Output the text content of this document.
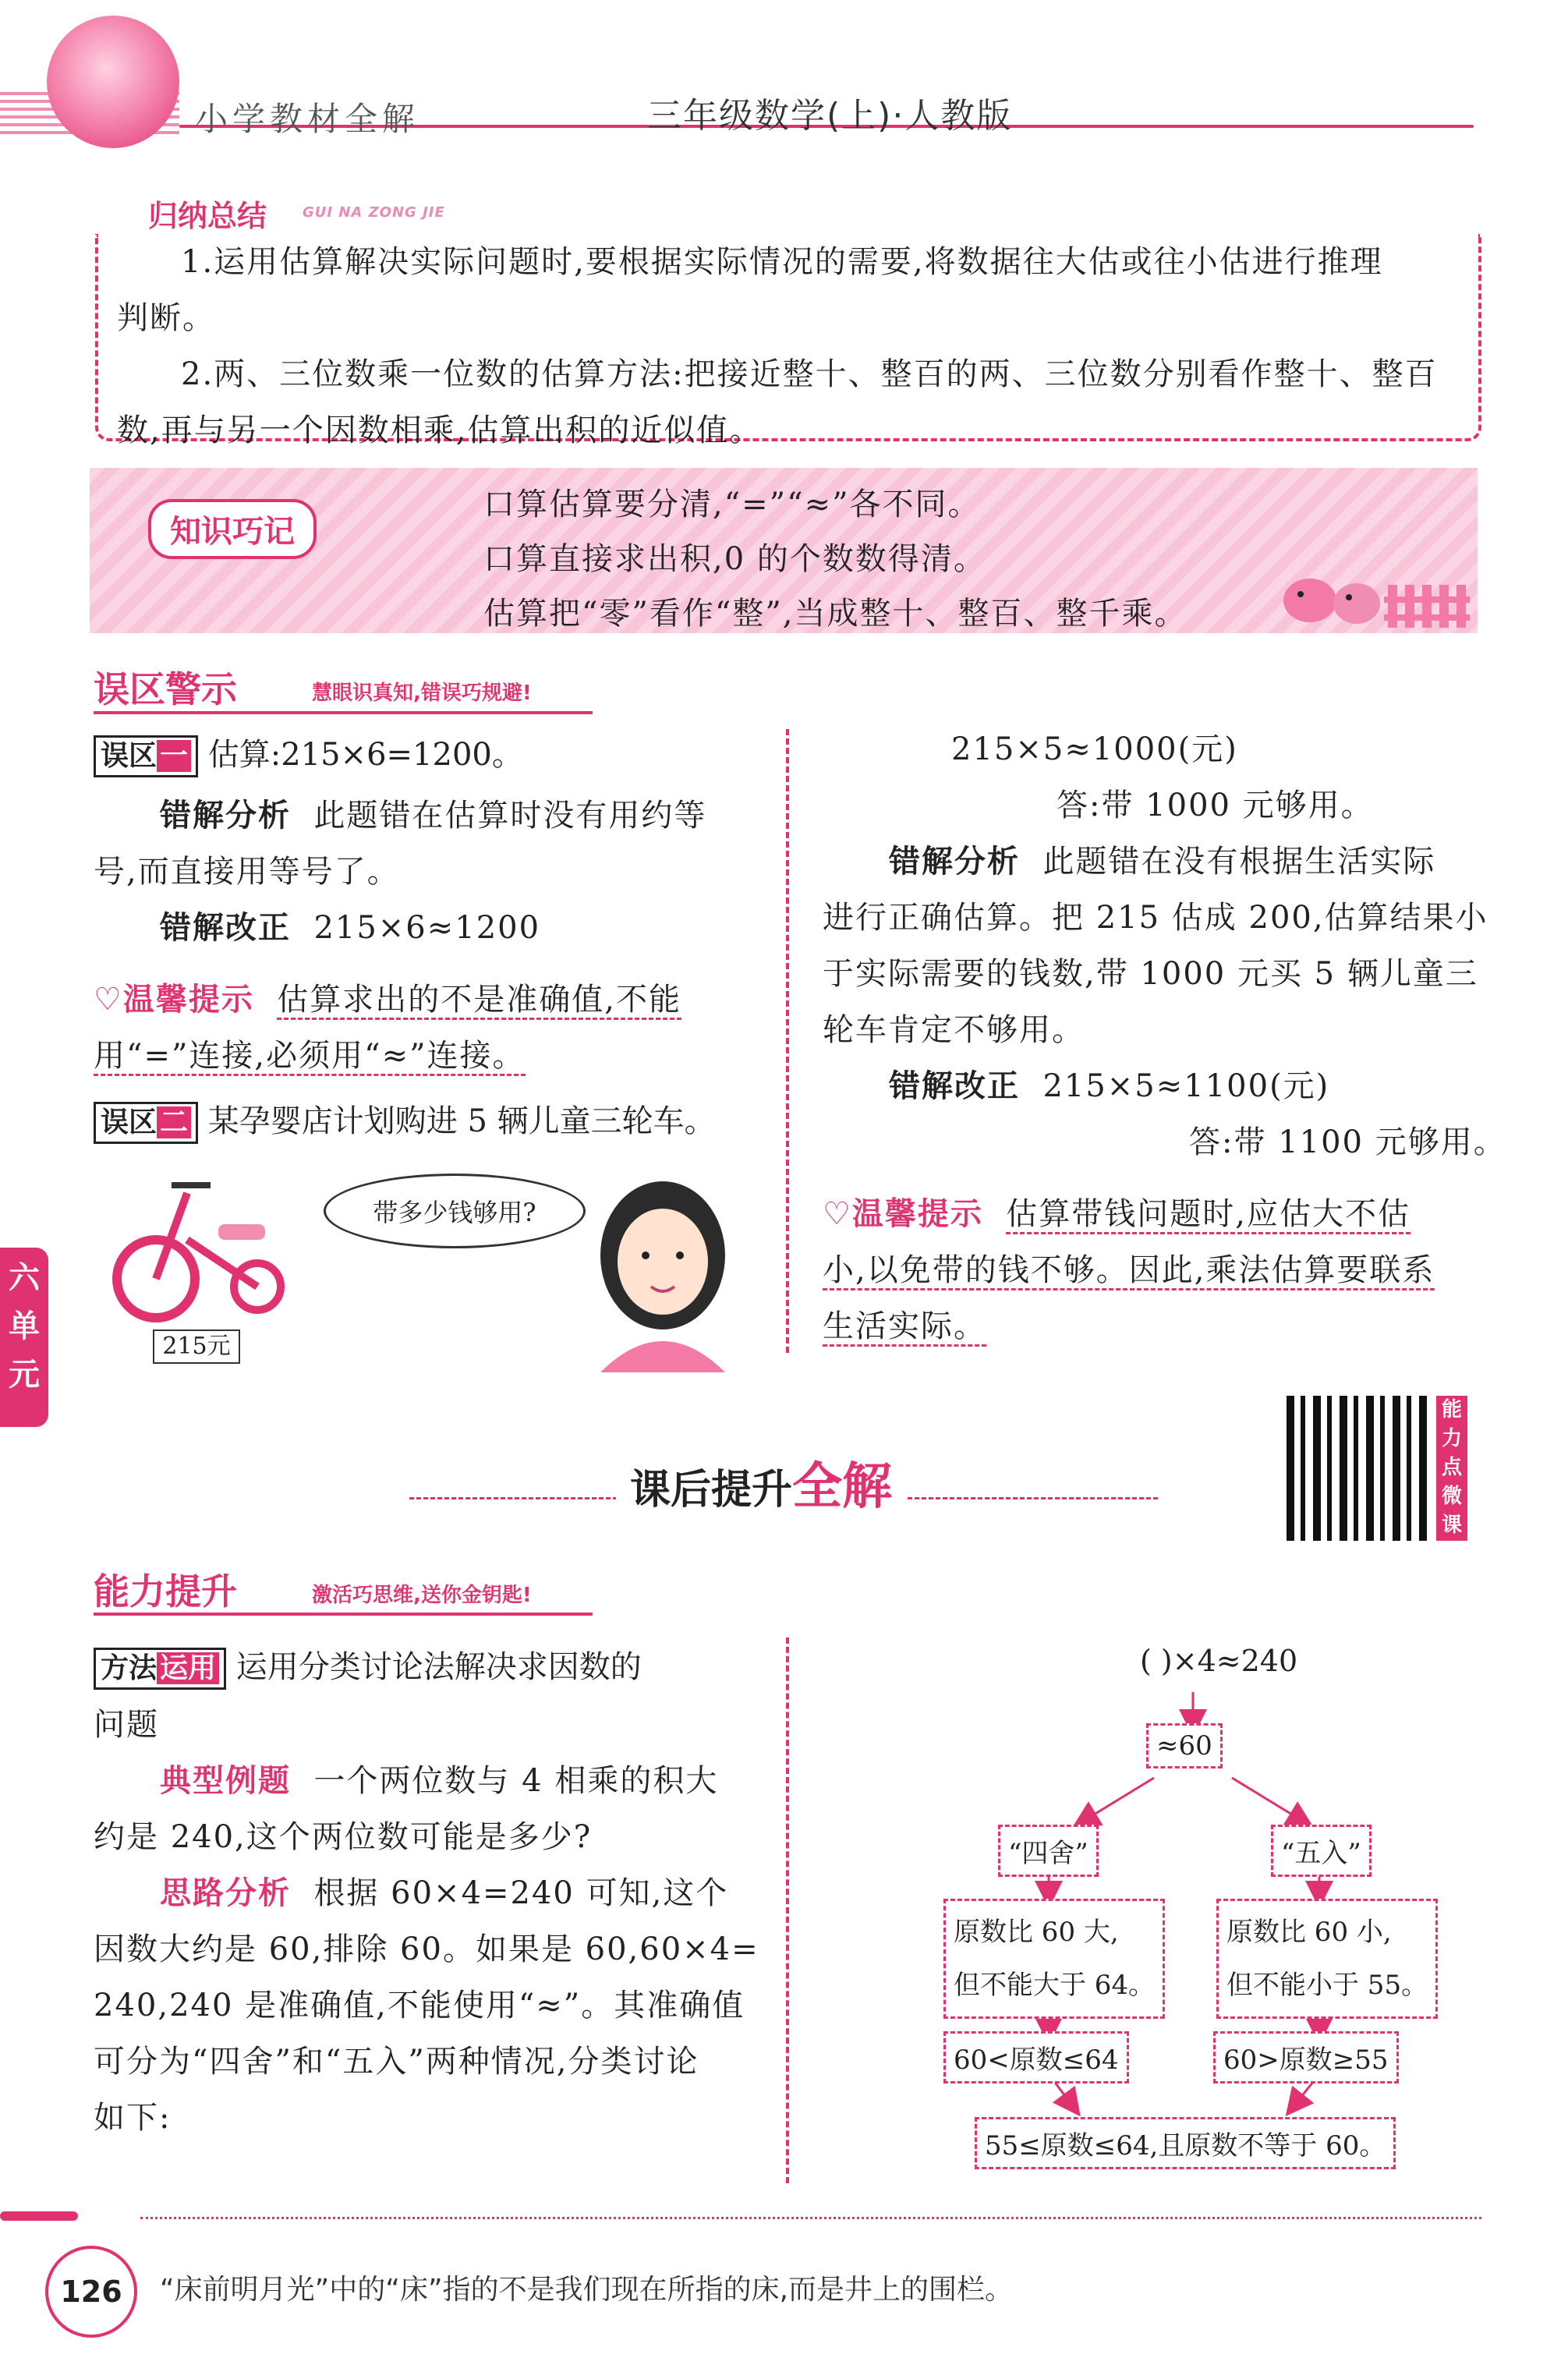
小学教材全解	三年级数学(上)·人教版
归纳总结	GUI NA ZONG JIE
1.运用估算解决实际问题时,要根据实际情况的需要,将数据往大估或往小估进行推理
判断。
2.两、三位数乘一位数的估算方法:把接近整十、整百的两、三位数分别看作整十、整百
数,再与另一个因数相乘,估算出积的近似值。
知识巧记
口算估算要分清,“=”“≈”各不同。
口算直接求出积,0 的个数数得清。
估算把“零”看作“整”,当成整十、整百、整千乘。
误区警示	慧眼识真知,错误巧规避!
误区 一 估算:215×6=1200。
错解分析 此题错在估算时没有用约等
号,而直接用等号了。
错解改正 215×6≈1200
♡温馨提示 估算求出的不是准确值,不能
用“=”连接,必须用“≈”连接。
误区 二 某孕婴店计划购进 5 辆儿童三轮车。
215元
带多少钱够用?
215×5≈1000(元)
答:带 1000 元够用。
错解分析 此题错在没有根据生活实际
进行正确估算。把 215 估成 200,估算结果小
于实际需要的钱数,带 1000 元买 5 辆儿童三
轮车肯定不够用。
错解改正 215×5≈1100(元)
答:带 1100 元够用。
♡温馨提示 估算带钱问题时,应估大不估
小,以免带的钱不够。因此,乘法估算要联系
生活实际。
六
单
元
课后提升全解
能
力
点
微
课
能力提升	激活巧思维,送你金钥匙!
方法 运用 运用分类讨论法解决求因数的
问题
典型例题 一个两位数与 4 相乘的积大
约是 240,这个两位数可能是多少?
思路分析 根据 60×4=240 可知,这个
因数大约是 60,排除 60。如果是 60,60×4=
240,240 是准确值,不能使用“≈”。其准确值
可分为“四舍”和“五入”两种情况,分类讨论
如下:
( )×4≈240
≈60
“四舍”	“五入”
原数比 60 大,
但不能大于 64。
原数比 60 小,
但不能小于 55。
60<原数≤64	60>原数≥55
55≤原数≤64,且原数不等于 60。
126	“床前明月光”中的“床”指的不是我们现在所指的床,而是井上的围栏。
